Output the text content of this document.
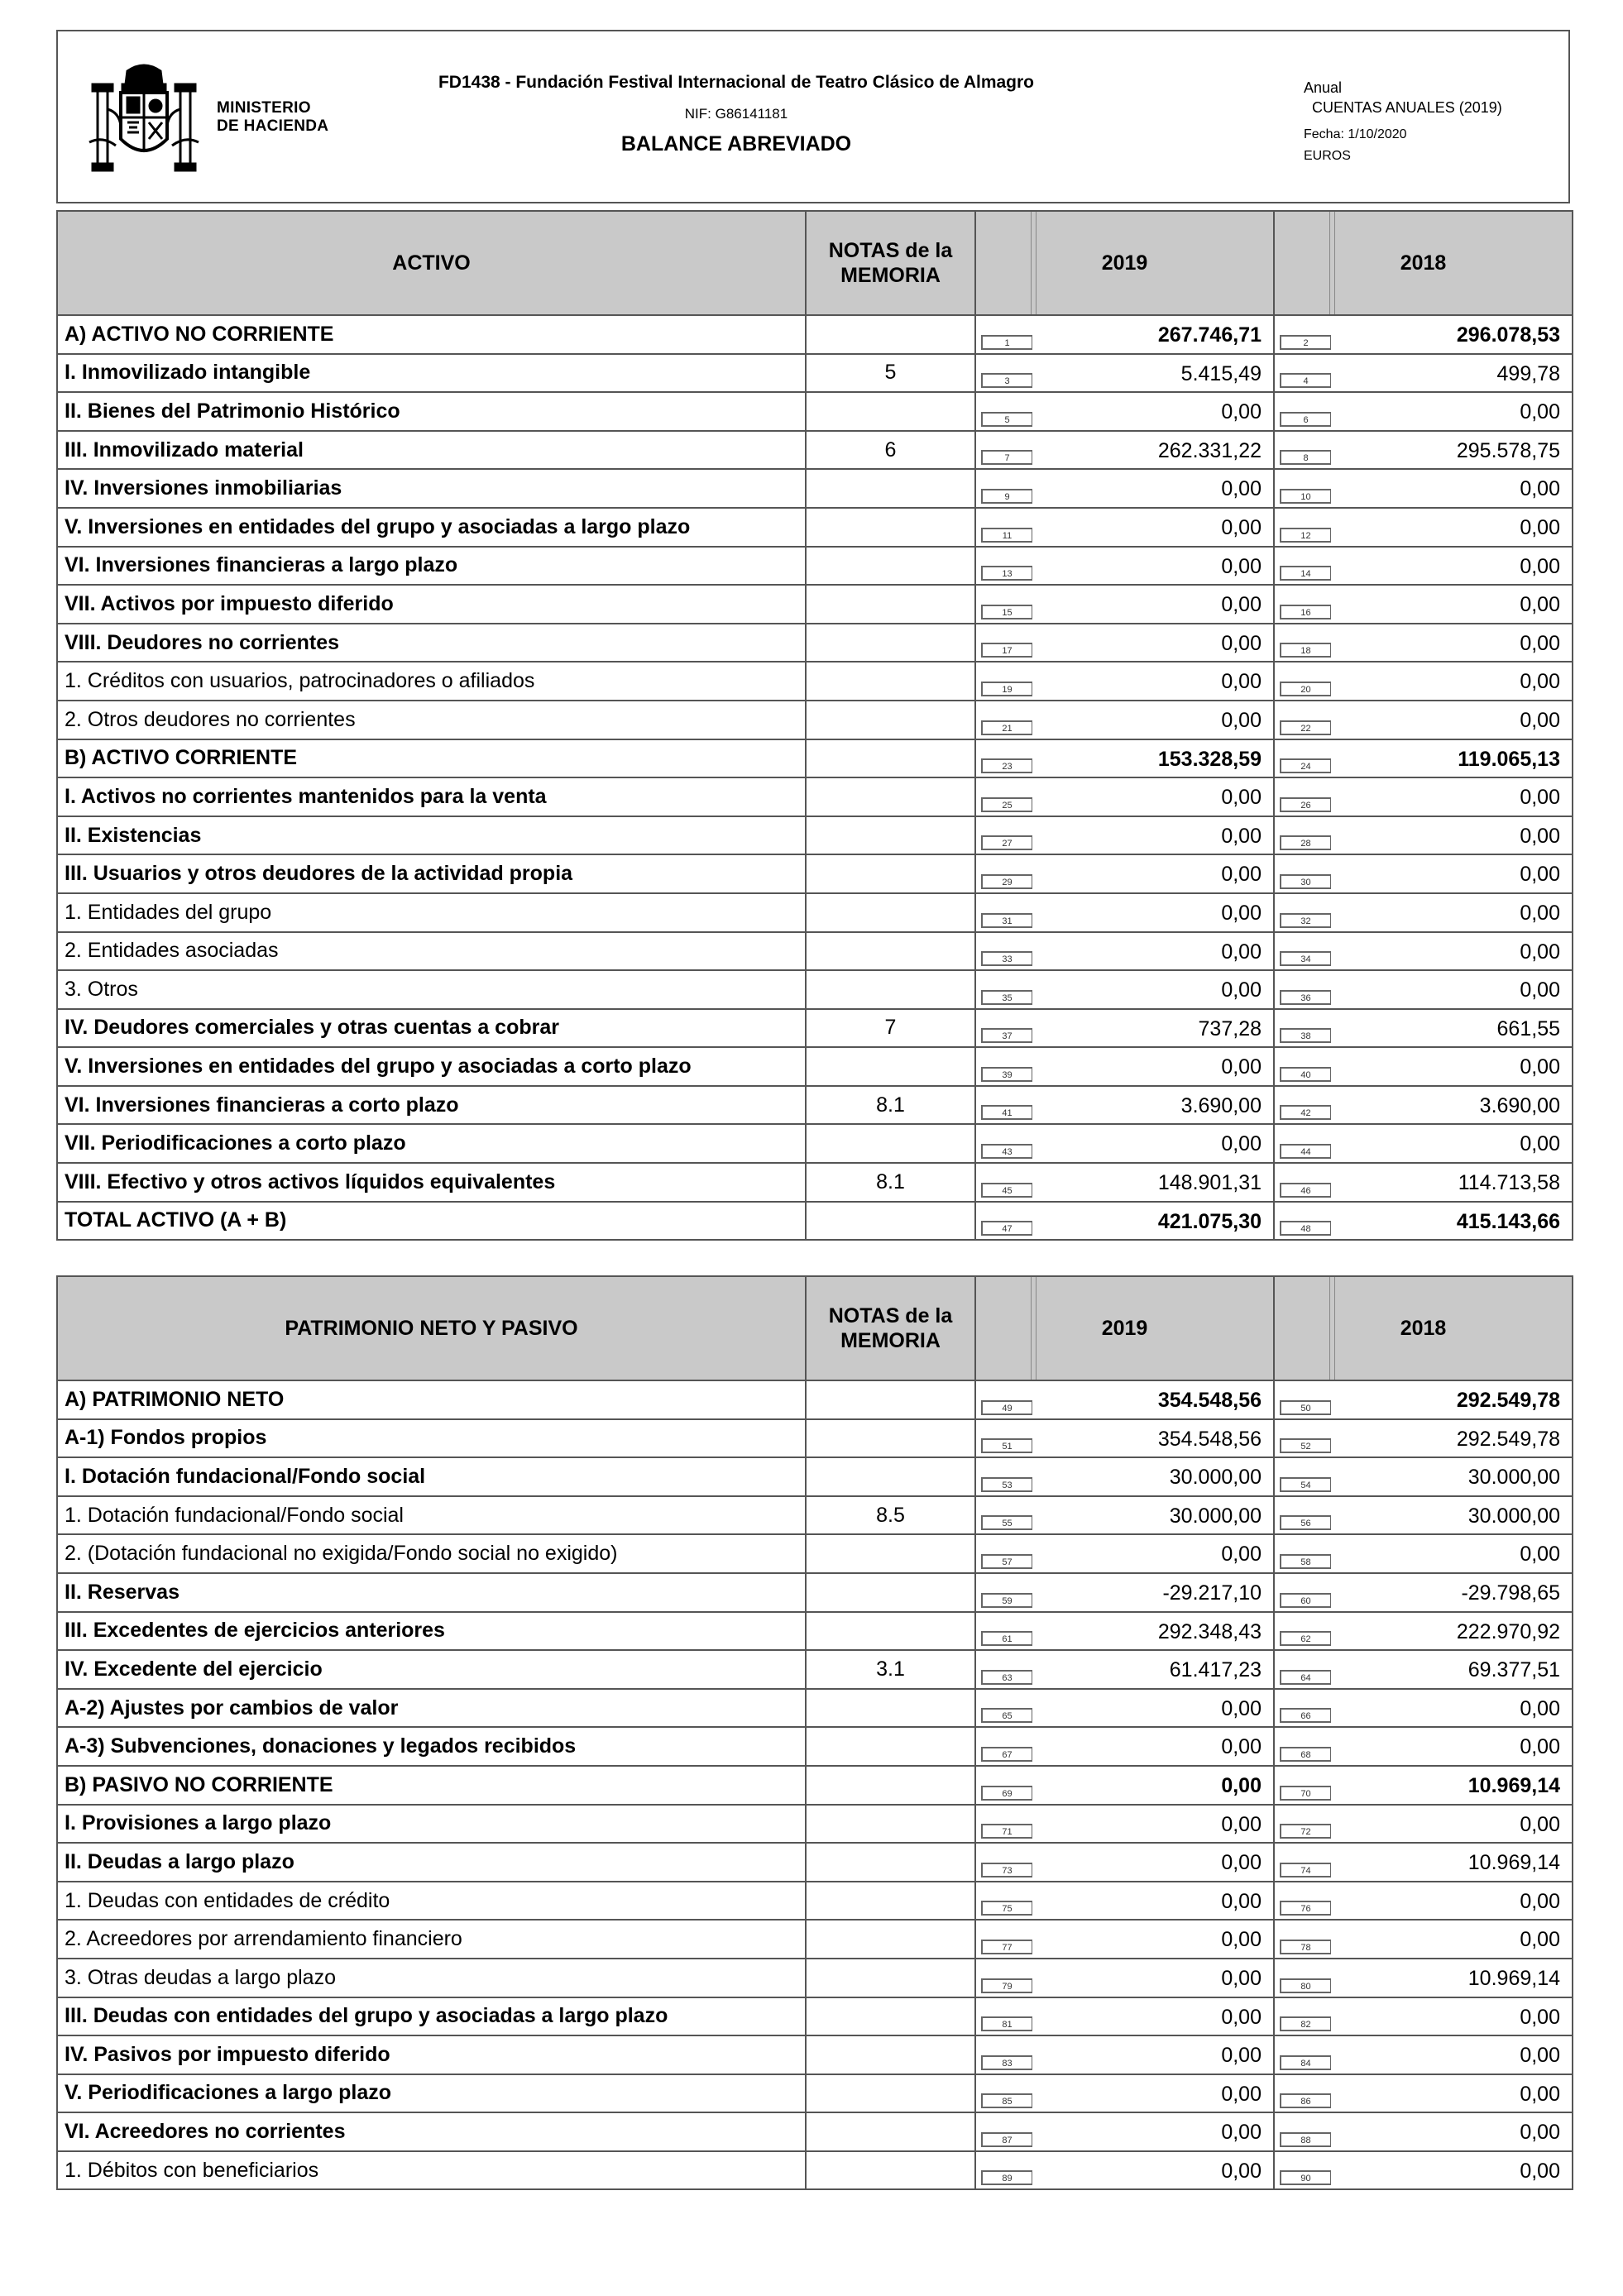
MINISTERIO
DE HACIENDA
FD1438 - Fundación Festival Internacional de Teatro Clásico de Almagro
NIF: G86141181
BALANCE ABREVIADO
Anual
CUENTAS ANUALES (2019)
Fecha: 1/10/2020
EUROS
ACTIVO	NOTAS de la MEMORIA	2019	2018
A) ACTIVO NO CORRIENTE		1 267.746,71	2 296.078,53

I. Inmovilizado intangible	5	3 5.415,49	4 499,78

II. Bienes del Patrimonio Histórico		5 0,00	6 0,00

III. Inmovilizado material	6	7 262.331,22	8 295.578,75

IV. Inversiones inmobiliarias		9 0,00	10 0,00

V. Inversiones en entidades del grupo y asociadas a largo plazo		11 0,00	12 0,00

VI. Inversiones financieras a largo plazo		13 0,00	14 0,00

VII. Activos por impuesto diferido		15 0,00	16 0,00

VIII. Deudores no corrientes		17 0,00	18 0,00

1. Créditos con usuarios, patrocinadores o afiliados		19 0,00	20 0,00

2. Otros deudores no corrientes		21 0,00	22 0,00

B) ACTIVO CORRIENTE		23 153.328,59	24 119.065,13

I. Activos no corrientes mantenidos para la venta		25 0,00	26 0,00

II. Existencias		27 0,00	28 0,00

III. Usuarios y otros deudores de la actividad propia		29 0,00	30 0,00

1. Entidades del grupo		31 0,00	32 0,00

2. Entidades asociadas		33 0,00	34 0,00

3. Otros		35 0,00	36 0,00

IV. Deudores comerciales y otras cuentas a cobrar	7	37 737,28	38 661,55

V. Inversiones en entidades del grupo y asociadas a corto plazo		39 0,00	40 0,00

VI. Inversiones financieras a corto plazo	8.1	41 3.690,00	42 3.690,00

VII. Periodificaciones a corto plazo		43 0,00	44 0,00

VIII. Efectivo y otros activos líquidos equivalentes	8.1	45 148.901,31	46 114.713,58

TOTAL ACTIVO (A + B)		47 421.075,30	48 415.143,66
PATRIMONIO NETO Y PASIVO	NOTAS de la MEMORIA	2019	2018
A) PATRIMONIO NETO		49 354.548,56	50 292.549,78

A-1) Fondos propios		51 354.548,56	52 292.549,78

I. Dotación fundacional/Fondo social		53 30.000,00	54 30.000,00

1. Dotación fundacional/Fondo social	8.5	55 30.000,00	56 30.000,00

2. (Dotación fundacional no exigida/Fondo social no exigido)		57 0,00	58 0,00

II. Reservas		59 -29.217,10	60 -29.798,65

III. Excedentes de ejercicios anteriores		61 292.348,43	62 222.970,92

IV. Excedente del ejercicio	3.1	63 61.417,23	64 69.377,51

A-2) Ajustes por cambios de valor		65 0,00	66 0,00

A-3) Subvenciones, donaciones y legados recibidos		67 0,00	68 0,00

B) PASIVO NO CORRIENTE		69 0,00	70 10.969,14

I. Provisiones a largo plazo		71 0,00	72 0,00

II. Deudas a largo plazo		73 0,00	74 10.969,14

1. Deudas con entidades de crédito		75 0,00	76 0,00

2. Acreedores por arrendamiento financiero		77 0,00	78 0,00

3. Otras deudas a largo plazo		79 0,00	80 10.969,14

III. Deudas con entidades del grupo y asociadas a largo plazo		81 0,00	82 0,00

IV. Pasivos por impuesto diferido		83 0,00	84 0,00

V. Periodificaciones a largo plazo		85 0,00	86 0,00

VI. Acreedores no corrientes		87 0,00	88 0,00

1. Débitos con beneficiarios		89 0,00	90 0,00
